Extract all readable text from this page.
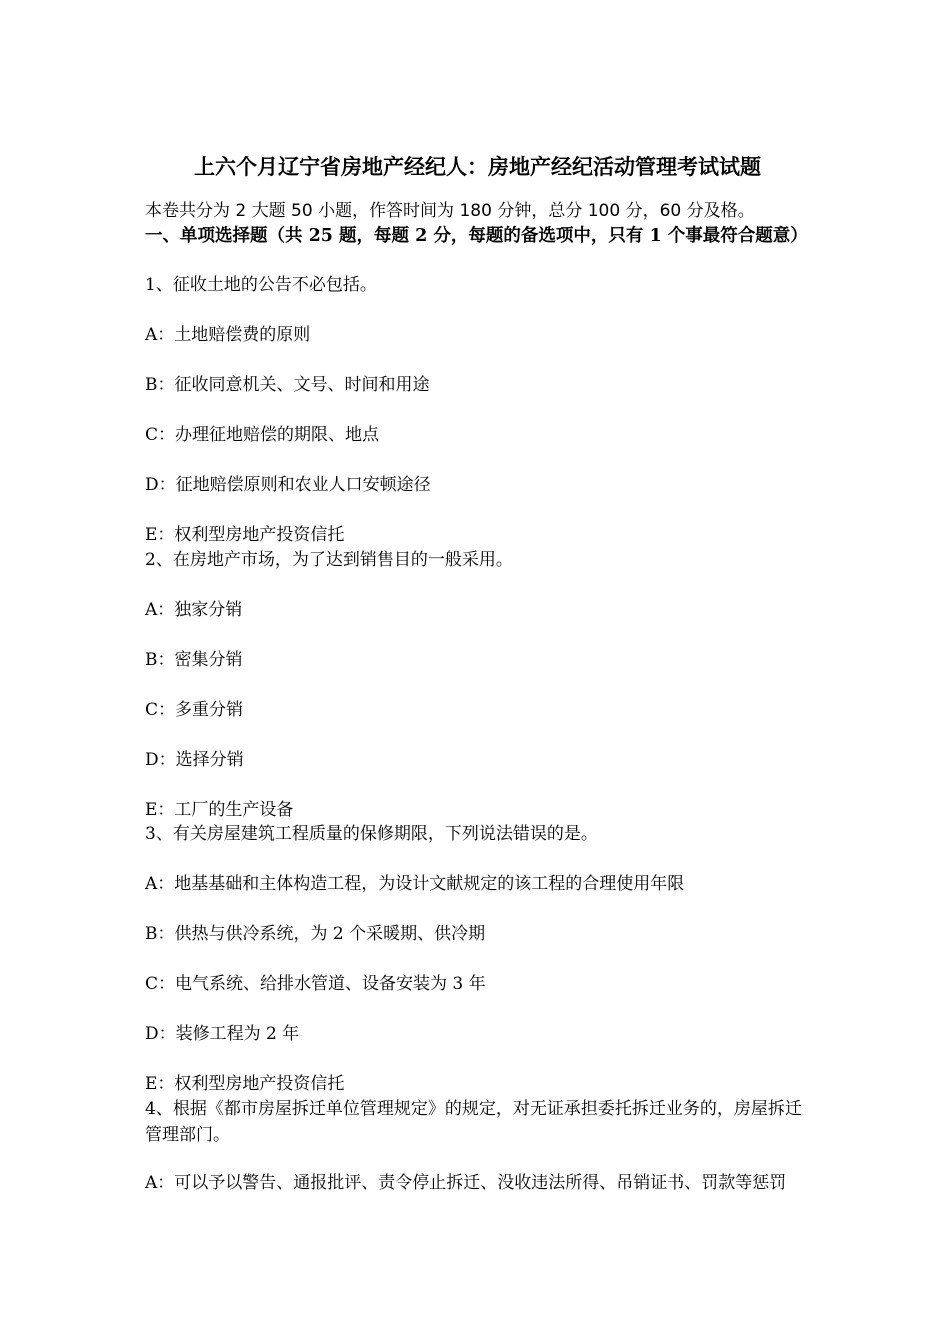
上六个月辽宁省房地产经纪人：房地产经纪活动管理考试试题
本卷共分为 2 大题 50 小题，作答时间为 180 分钟，总分 100 分，60 分及格。
一、单项选择题（共 25 题，每题 2 分，每题的备选项中，只有 1 个事最符合题意）
1、征收土地的公告不必包括。
A：土地赔偿费的原则
B：征收同意机关、文号、时间和用途
C：办理征地赔偿的期限、地点
D：征地赔偿原则和农业人口安顿途径
E：权利型房地产投资信托
2、在房地产市场，为了达到销售目的一般采用。
A：独家分销
B：密集分销
C：多重分销
D：选择分销
E：工厂的生产设备
3、有关房屋建筑工程质量的保修期限，下列说法错误的是。
A：地基基础和主体构造工程，为设计文献规定的该工程的合理使用年限
B：供热与供冷系统，为 2 个采暖期、供冷期
C：电气系统、给排水管道、设备安装为 3 年
D：装修工程为 2 年
E：权利型房地产投资信托
4、根据《都市房屋拆迁单位管理规定》的规定，对无证承担委托拆迁业务的，房屋拆迁管理部门。
A：可以予以警告、通报批评、责令停止拆迁、没收违法所得、吊销证书、罚款等惩罚
